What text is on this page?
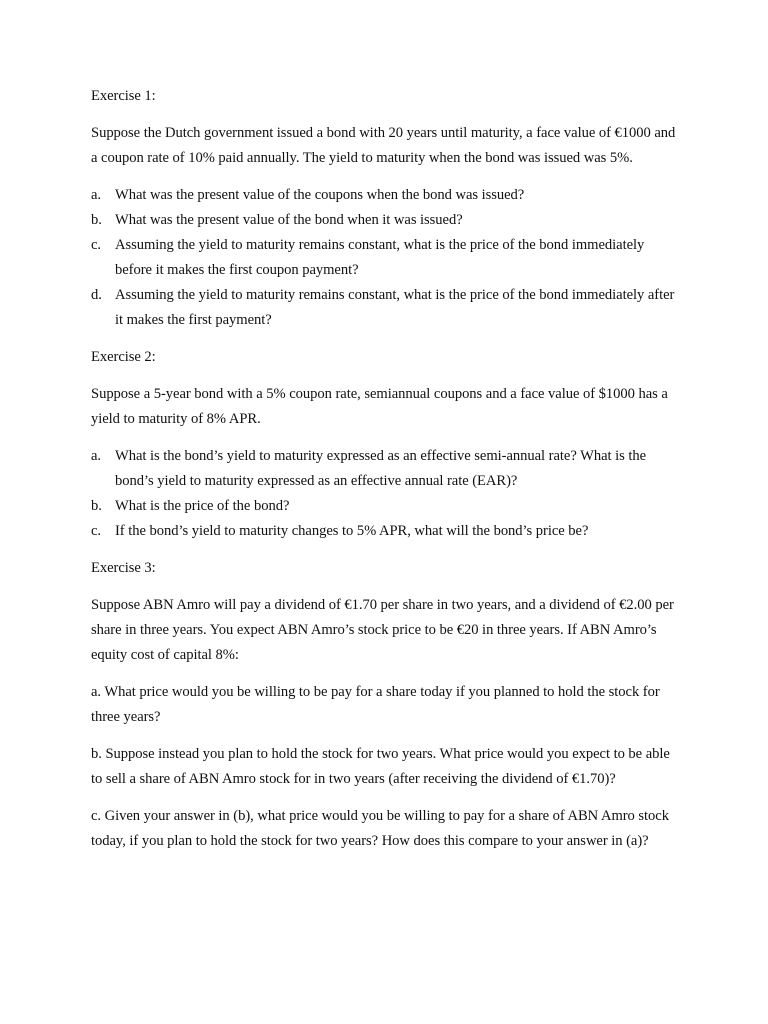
Exercise 1:

Suppose the Dutch government issued a bond with 20 years until maturity, a face value of €1000 and a coupon rate of 10% paid annually. The yield to maturity when the bond was issued was 5%.

a. What was the present value of the coupons when the bond was issued?
b. What was the present value of the bond when it was issued?
c. Assuming the yield to maturity remains constant, what is the price of the bond immediately before it makes the first coupon payment?
d. Assuming the yield to maturity remains constant, what is the price of the bond immediately after it makes the first payment?

Exercise 2:

Suppose a 5-year bond with a 5% coupon rate, semiannual coupons and a face value of $1000 has a yield to maturity of 8% APR.

a. What is the bond’s yield to maturity expressed as an effective semi-annual rate? What is the bond’s yield to maturity expressed as an effective annual rate (EAR)?
b. What is the price of the bond?
c. If the bond’s yield to maturity changes to 5% APR, what will the bond’s price be?

Exercise 3:

Suppose ABN Amro will pay a dividend of €1.70 per share in two years, and a dividend of €2.00 per share in three years. You expect ABN Amro’s stock price to be €20 in three years. If ABN Amro’s equity cost of capital 8%:

a. What price would you be willing to be pay for a share today if you planned to hold the stock for three years?

b. Suppose instead you plan to hold the stock for two years. What price would you expect to be able to sell a share of ABN Amro stock for in two years (after receiving the dividend of €1.70)?

c. Given your answer in (b), what price would you be willing to pay for a share of ABN Amro stock today, if you plan to hold the stock for two years? How does this compare to your answer in (a)?
